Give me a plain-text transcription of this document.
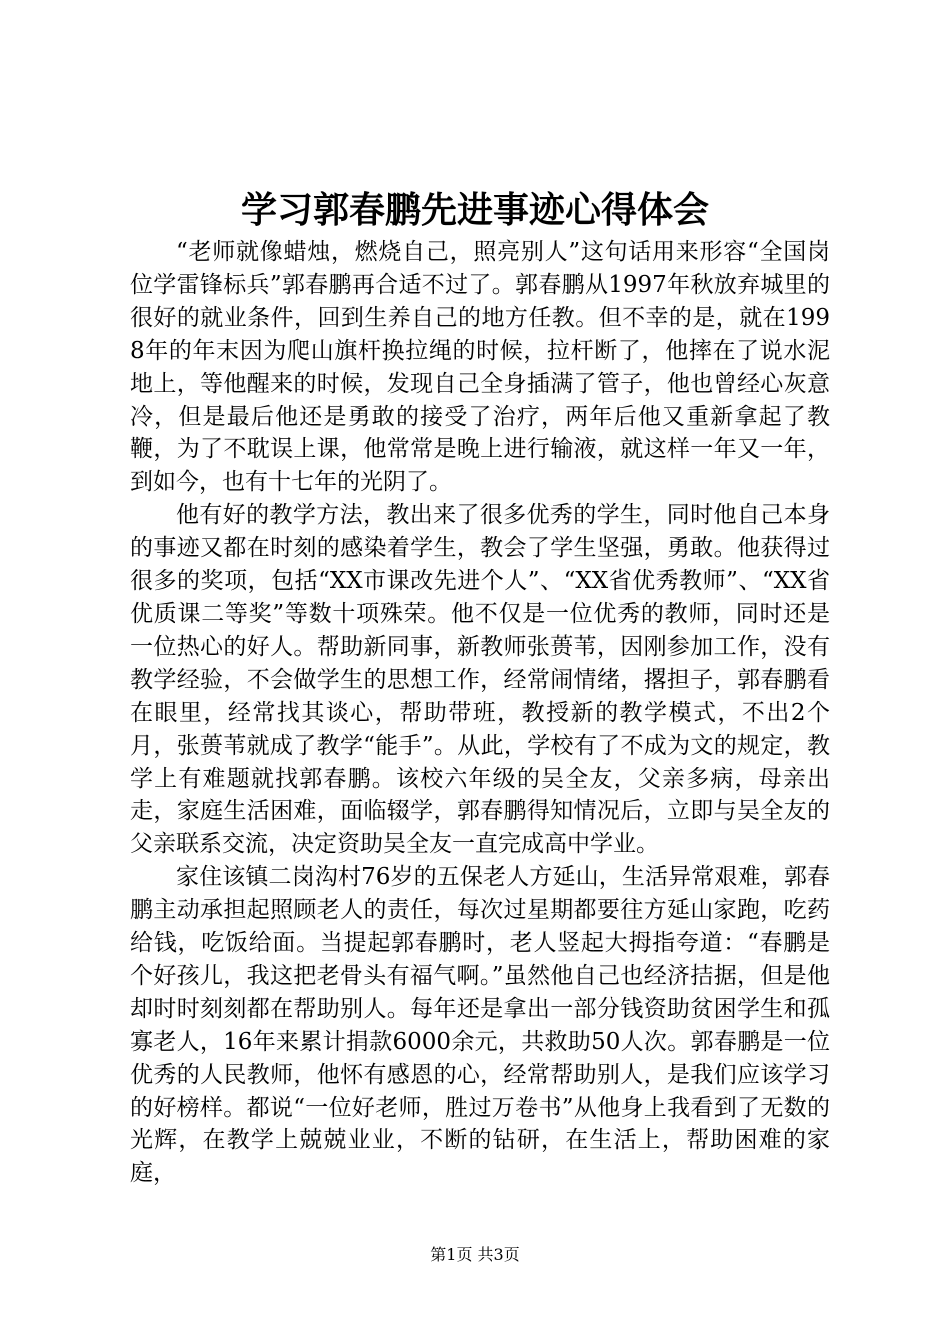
学习郭春鹏先进事迹心得体会

“老师就像蜡烛，燃烧自己，照亮别人”这句话用来形容“全国岗位学雷锋标兵”郭春鹏再合适不过了。郭春鹏从1997年秋放弃城里的很好的就业条件，回到生养自己的地方任教。但不幸的是，就在1998年的年末因为爬山旗杆换拉绳的时候，拉杆断了，他摔在了说水泥地上，等他醒来的时候，发现自己全身插满了管子，他也曾经心灰意冷，但是最后他还是勇敢的接受了治疗，两年后他又重新拿起了教鞭，为了不耽误上课，他常常是晚上进行输液，就这样一年又一年，到如今，也有十七年的光阴了。

他有好的教学方法，教出来了很多优秀的学生，同时他自己本身的事迹又都在时刻的感染着学生，教会了学生坚强，勇敢。他获得过很多的奖项，包括“XX市课改先进个人”、“XX省优秀教师”、“XX省优质课二等奖”等数十项殊荣。他不仅是一位优秀的教师，同时还是一位热心的好人。帮助新同事，新教师张蒉苇，因刚参加工作，没有教学经验，不会做学生的思想工作，经常闹情绪，撂担子，郭春鹏看在眼里，经常找其谈心，帮助带班，教授新的教学模式，不出2个月，张蒉苇就成了教学“能手”。从此，学校有了不成为文的规定，教学上有难题就找郭春鹏。该校六年级的吴全友，父亲多病，母亲出走，家庭生活困难，面临辍学，郭春鹏得知情况后，立即与吴全友的父亲联系交流，决定资助吴全友一直完成高中学业。

家住该镇二岗沟村76岁的五保老人方延山，生活异常艰难，郭春鹏主动承担起照顾老人的责任，每次过星期都要往方延山家跑，吃药给钱，吃饭给面。当提起郭春鹏时，老人竖起大拇指夸道：“春鹏是个好孩儿，我这把老骨头有福气啊。”虽然他自己也经济拮据，但是他却时时刻刻都在帮助别人。每年还是拿出一部分钱资助贫困学生和孤寡老人，16年来累计捐款6000余元，共救助50人次。郭春鹏是一位优秀的人民教师，他怀有感恩的心，经常帮助别人，是我们应该学习的好榜样。都说“一位好老师，胜过万卷书”从他身上我看到了无数的光辉，在教学上兢兢业业，不断的钻研，在生活上，帮助困难的家庭，

第1页 共3页
